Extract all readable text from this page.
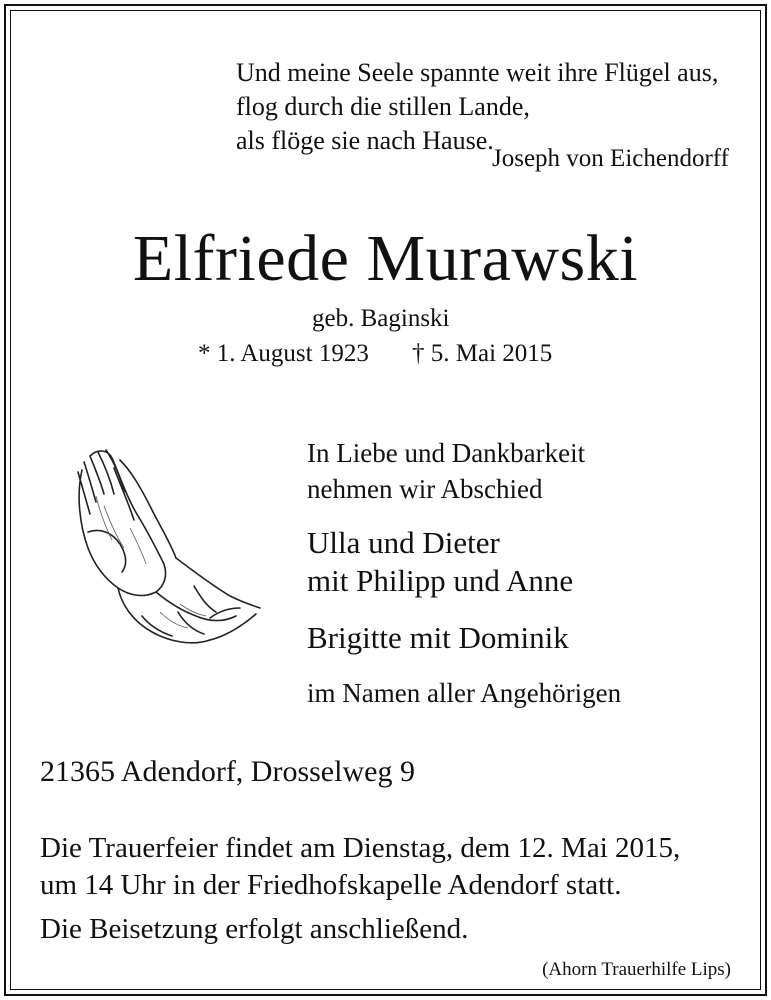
Und meine Seele spannte weit ihre Flügel aus,
flog durch die stillen Lande,
als flöge sie nach Hause.
Joseph von Eichendorff
Elfriede Murawski
geb. Baginski
* 1. August 1923 † 5. Mai 2015
In Liebe und Dankbarkeit
nehmen wir Abschied
Ulla und Dieter
mit Philipp und Anne
Brigitte mit Dominik
im Namen aller Angehörigen
21365 Adendorf, Drosselweg 9
Die Trauerfeier findet am Dienstag, dem 12. Mai 2015,
um 14 Uhr in der Friedhofskapelle Adendorf statt.
Die Beisetzung erfolgt anschließend.
(Ahorn Trauerhilfe Lips)
